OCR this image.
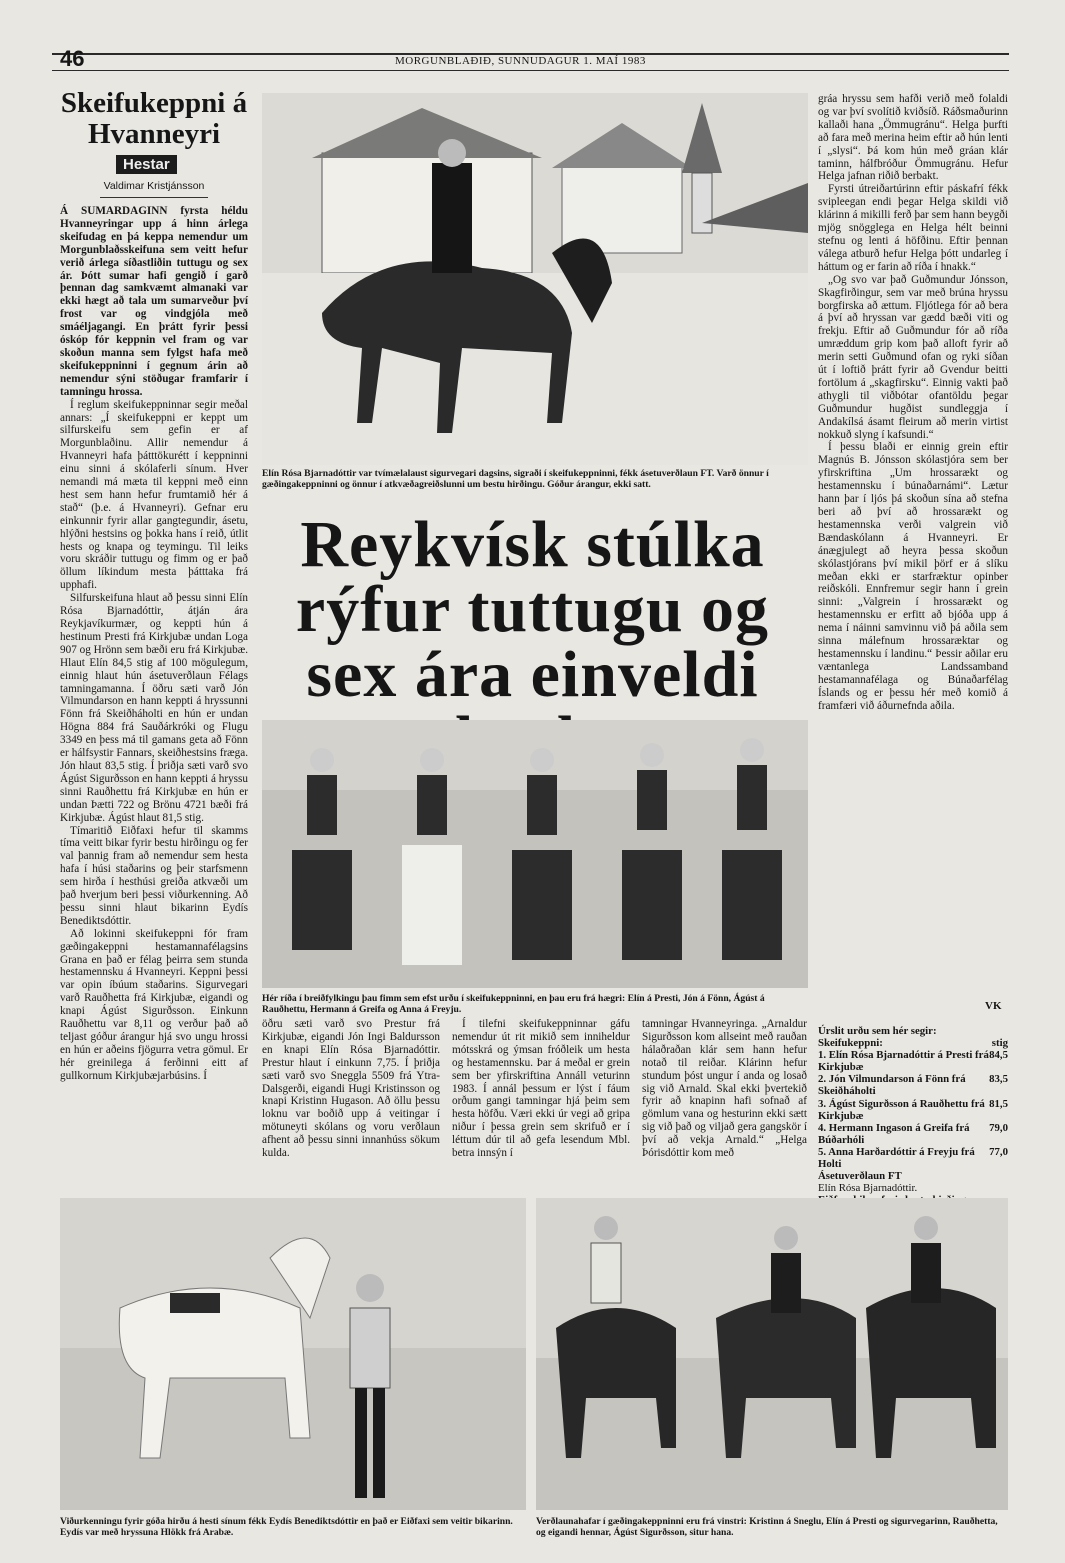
46	MORGUNBLAÐIÐ, SUNNUDAGUR 1. MAÍ 1983
Skeifukeppni á Hvanneyri
Hestar
Valdimar Kristjánsson

Á SUMARDAGINN fyrsta héldu Hvanneyringar upp á hinn árlega skeifudag en þá keppa nemendur um Morgunblaðsskeifuna sem veitt hefur verið árlega síðastliðin tuttugu og sex ár. Þótt sumar hafi gengið í garð þennan dag samkvæmt almanaki var ekki hægt að tala um sumarveður því frost var og vindgjóla með smáéljagangi. En þrátt fyrir þessi óskóp fór keppnin vel fram og var skoðun manna sem fylgst hafa með skeifukeppninni í gegnum árin að nemendur sýni stöðugar framfarir í tamningu hrossa.

Í reglum skeifukeppninnar segir meðal annars: „Í skeifukeppni er keppt um silfurskeifu sem gefin er af Morgunblaðinu. Allir nemendur á Hvanneyri hafa þátttökurétt í keppninni einu sinni á skólaferli sínum. Hver nemandi má mæta til keppni með einn hest sem hann hefur frumtamið hér á stað“ (þ.e. á Hvanneyri). Gefnar eru einkunnir fyrir allar gangtegundir, ásetu, hlýðni hestsins og þokka hans í reið, útlit hests og knapa og teymingu. Til leiks voru skráðir tuttugu og fimm og er það öllum líkindum mesta þátttaka frá upphafi.

Silfurskeifuna hlaut að þessu sinni Elín Rósa Bjarnadóttir, átján ára Reykjavíkurmær, og keppti hún á hestinum Presti frá Kirkjubæ undan Loga 907 og Hrönn sem bæði eru frá Kirkjubæ. Hlaut Elín 84,5 stig af 100 mögulegum, einnig hlaut hún ásetuverðlaun Félags tamningamanna. Í öðru sæti varð Jón Vilmundarson en hann keppti á hryssunni Fönn frá Skeiðháholti en hún er undan Högna 884 frá Sauðárkróki og Flugu 3349 en þess má til gamans geta að Fönn er hálfsystir Fannars, skeiðhestsins fræga. Jón hlaut 83,5 stig. Í þriðja sæti varð svo Ágúst Sigurðsson en hann keppti á hryssu sinni Rauðhettu frá Kirkjubæ en hún er undan Þætti 722 og Brönu 4721 bæði frá Kirkjubæ. Ágúst hlaut 81,5 stig.

Tímaritið Eiðfaxi hefur til skamms tíma veitt bikar fyrir bestu hirðingu og fer val þannig fram að nemendur sem hesta hafa í húsi staðarins og þeir starfsmenn sem hirða í hesthúsi greiða atkvæði um það hverjum beri þessi viðurkenning. Að þessu sinni hlaut bikarinn Eydís Benediktsdóttir.

Að lokinni skeifukeppni fór fram gæðingakeppni hestamannafélagsins Grana en það er félag þeirra sem stunda hestamennsku á Hvanneyri. Keppni þessi var opin íbúum staðarins. Sigurvegari varð Rauðhetta frá Kirkjubæ, eigandi og knapi Ágúst Sigurðsson. Einkunn Rauðhettu var 8,11 og verður það að teljast góður árangur hjá svo ungu hrossi en hún er aðeins fjögurra vetra gömul. Er hér greinilega á ferðinni eitt af gullkornum Kirkjubæjarbúsins. Í

Elín Rósa Bjarnadóttir var tvímælalaust sigurvegari dagsins, sigraði í skeifukeppninni, fékk ásetuverðlaun FT. Varð önnur í gæðingakeppninni og önnur í atkvæðagreiðslunni um bestu hirðingu. Góður árangur, ekki satt.
Reykvísk stúlka rýfur tuttugu og sex ára einveldi
Hér ríða í breiðfylkingu þau fimm sem efst urðu í skeifukeppninni, en þau eru frá hægri: Elín á Presti, Jón á Fönn, Ágúst á Rauðhettu, Hermann á Greifa og Anna á Freyju.

öðru sæti varð svo Prestur frá Kirkjubæ, eigandi Jón Ingi Baldursson en knapi Elín Rósa Bjarnadóttir. Prestur hlaut í einkunn 7,75. Í þriðja sæti varð svo Sneggla 5509 frá Ytra-Dalsgerði, eigandi Hugi Kristinsson og knapi Kristinn Hugason. Að öllu þessu loknu var boðið upp á veitingar í mötuneyti skólans og voru verðlaun afhent að þessu sinni innanhúss sökum kulda.

Í tilefni skeifukeppninnar gáfu nemendur út rit mikið sem inniheldur mótsskrá og ýmsan fróðleik um hesta og hestamennsku. Þar á meðal er grein sem ber yfirskriftina Annáll veturinn 1983. Í annál þessum er lýst í fáum orðum gangi tamningar hjá þeim sem hesta höfðu. Væri ekki úr vegi að gripa niður í þessa grein sem skrifuð er í léttum dúr til að gefa lesendum Mbl. betra innsýn í

tamningar Hvanneyringa. „Arnaldur Sigurðsson kom allseint með rauðan hálaðraðan klár sem hann hefur notað til reiðar. Klárinn hefur stundum þóst ungur í anda og losað sig við Arnald. Skal ekki þvertekið fyrir að knapinn hafi sofnað af gömlum vana og hesturinn ekki sætt sig við það og viljað gera gangskör í því að vekja Arnald.“ „Helga Þórisdóttir kom með

gráa hryssu sem hafði verið með folaldi og var því svolítið kviðsíð. Ráðsmaðurinn kallaði hana „Ömmugránu“. Helga þurfti að fara með merina heim eftir að hún lenti í „slysi“. Þá kom hún með gráan klár taminn, hálfbróður Ömmugránu. Hefur Helga jafnan riðið berbakt.

Fyrsti útreiðartúrinn eftir páskafrí fékk svipleegan endi þegar Helga skildi við klárinn á mikilli ferð þar sem hann beygði mjög snögglega en Helga hélt beinni stefnu og lenti á höfðinu. Eftir þennan válega atburð hefur Helga þótt undarleg í háttum og er farin að ríða í hnakk.“

„Og svo var það Guðmundur Jónsson, Skagfirðingur, sem var með brúna hryssu borgfirska að ættum. Fljótlega fór að bera á því að hryssan var gædd bæði viti og frekju. Eftir að Guðmundur fór að ríða umræddum grip kom það alloft fyrir að merin setti Guðmund ofan og ryki síðan út í loftið þrátt fyrir að Gvendur beitti fortölum á „skagfirsku“. Einnig vakti það athygli til viðbótar ofantöldu þegar Guðmundur hugðist sundleggja í Andakílsá ásamt fleirum að merin virtist nokkuð slyng í kafsundi.“

Í þessu blaði er einnig grein eftir Magnús B. Jónsson skólastjóra sem ber yfirskriftina „Um hrossarækt og hestamennsku í búnaðarnámi“. Lætur hann þar í ljós þá skoðun sína að stefna beri að því að hrossarækt og hestamennska verði valgrein við Bændaskólann á Hvanneyri. Er ánægjulegt að heyra þessa skoðun skólastjórans því mikil þörf er á slíku meðan ekki er starfræktur opinber reiðskóli. Ennfremur segir hann í grein sinni: „Valgrein í hrossarækt og hestamennsku er erfitt að bjóða upp á nema í náinni samvinnu við þá aðila sem sinna málefnum hrossaræktar og hestamennsku í landinu.“ Þessir aðilar eru væntanlega Landssamband hestamannafélaga og Búnaðarfélag Íslands og er þessu hér með komið á framfæri við áðurnefnda aðila.

VK
Úrslit urðu sem hér segir:
Skeifukeppni:	stig
1. Elín Rósa Bjarnadóttir á Presti frá Kirkjubæ
84,5
2. Jón Vilmundarson á Fönn frá Skeiðháholti
83,5
3. Ágúst Sigurðsson á Rauðhettu frá Kirkjubæ
81,5
4. Hermann Ingason á Greifa frá Búðarhóli
79,0
5. Anna Harðardóttir á Freyju frá Holti
77,0
Ásetuverðlaun FT
Elín Rósa Bjarnadóttir.
Viðurkenningu fyrir góða hirðu á hesti sínum fékk Eydís Benediktsdóttir en það er Eiðfaxi sem veitir bikarinn. Eydís var með hryssuna Hlökk frá Arabæ.
Verðlaunahafar í gæðingakeppninni eru frá vinstri: Kristinn á Sneglu, Elín á Presti og sigurvegarinn, Rauðhetta, og eigandi hennar, Ágúst Sigurðsson, situr hana.
